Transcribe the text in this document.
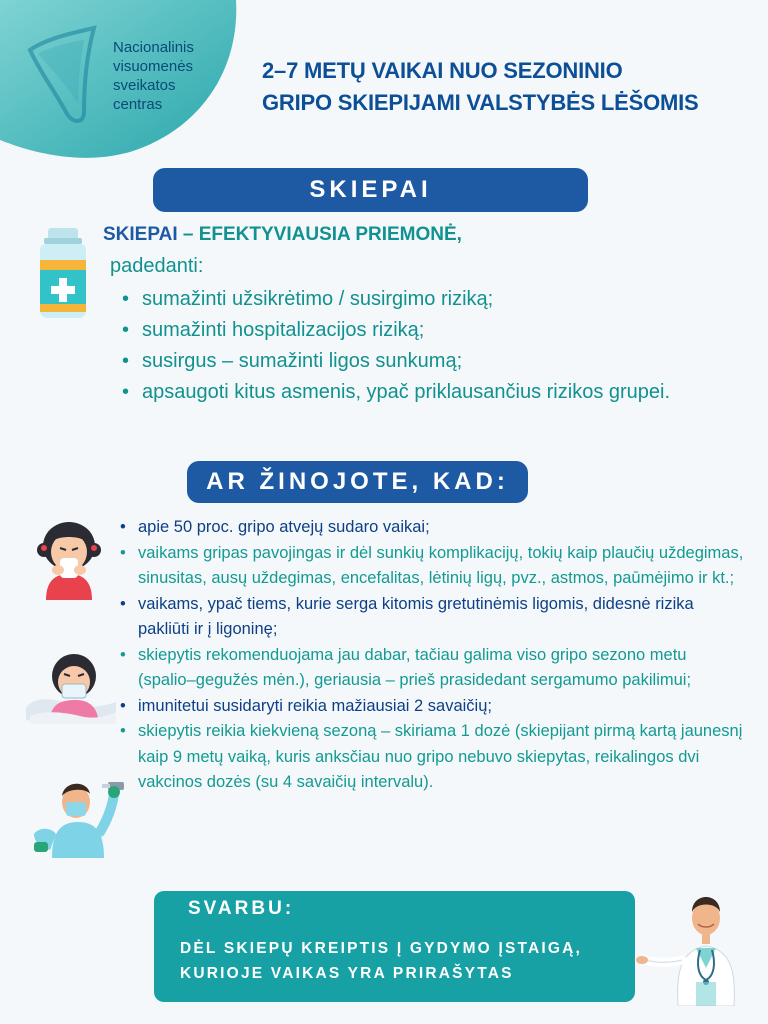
Nacionalinis
visuomenės
sveikatos
centras
2–7 METŲ VAIKAI NUO SEZONINIO
GRIPO SKIEPIJAMI VALSTYBĖS LĖŠOMIS
SKIEPAI
SKIEPAI – EFEKTYVIAUSIA PRIEMONĖ,
padedanti:
• sumažinti užsikrėtimo / susirgimo riziką;
• sumažinti hospitalizacijos riziką;
• susirgus – sumažinti ligos sunkumą;
• apsaugoti kitus asmenis, ypač priklausančius rizikos grupei.
AR ŽINOJOTE, KAD:
• apie 50 proc. gripo atvejų sudaro vaikai;
• vaikams gripas pavojingas ir dėl sunkių komplikacijų, tokių kaip plaučių uždegimas, sinusitas, ausų uždegimas, encefalitas, lėtinių ligų, pvz., astmos, paūmėjimo ir kt.;
• vaikams, ypač tiems, kurie serga kitomis gretutinėmis ligomis, didesnė rizika pakliūti ir į ligoninę;
• skiepytis rekomenduojama jau dabar, tačiau galima viso gripo sezono metu (spalio–gegužės mėn.), geriausia – prieš prasidedant sergamumo pakilimui;
• imunitetui susidaryti reikia mažiausiai 2 savaičių;
• skiepytis reikia kiekvieną sezoną – skiriama 1 dozė (skiepijant pirmą kartą jaunesnį kaip 9 metų vaiką, kuris anksčiau nuo gripo nebuvo skiepytas, reikalingos dvi vakcinos dozės (su 4 savaičių intervalu).
SVARBU:
DĖL SKIEPŲ KREIPTIS Į GYDYMO ĮSTAIGĄ,
KURIOJE VAIKAS YRA PRIRAŠYTAS
